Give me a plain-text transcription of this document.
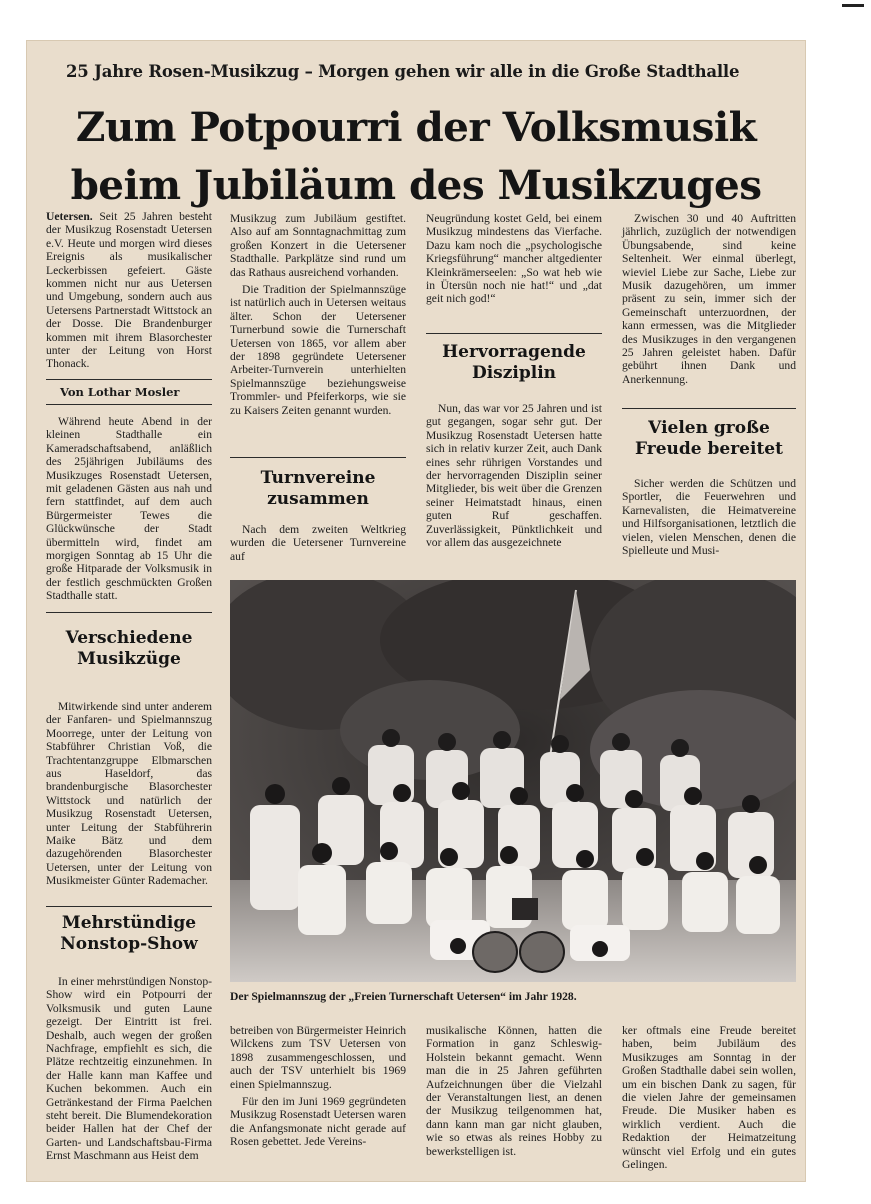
25 Jahre Rosen-Musikzug – Morgen gehen wir alle in die Große Stadthalle
Zum Potpourri der Volksmusik
beim Jubiläum des Musikzuges

Uetersen. Seit 25 Jahren besteht der Musikzug Rosenstadt Uetersen e.V. Heute und morgen wird dieses Ereignis als musikalischer Leckerbissen gefeiert. Gäste kommen nicht nur aus Uetersen und Umgebung, sondern auch aus Uetersens Partnerstadt Wittstock an der Dosse. Die Brandenburger kommen mit ihrem Blasorchester unter der Leitung von Horst Thonack.

Von Lothar Mosler

Während heute Abend in der kleinen Stadthalle ein Kameradschaftsabend, anläßlich des 25jährigen Jubiläums des Musikzuges Rosenstadt Uetersen, mit geladenen Gästen aus nah und fern stattfindet, auf dem auch Bürgermeister Tewes die Glückwünsche der Stadt übermitteln wird, findet am morgigen Sonntag ab 15 Uhr die große Hitparade der Volksmusik in der festlich geschmückten Großen Stadthalle statt.

Verschiedene Musikzüge

Mitwirkende sind unter anderem der Fanfaren- und Spielmannszug Moorrege, unter der Leitung von Stabführer Christian Voß, die Trachtentanzgruppe Elbmarschen aus Haseldorf, das brandenburgische Blasorchester Wittstock und natürlich der Musikzug Rosenstadt Uetersen, unter Leitung der Stabführerin Maike Bätz und dem dazugehörenden Blasorchester Uetersen, unter der Leitung von Musikmeister Günter Rademacher.

Mehrstündige Nonstop-Show

In einer mehrstündigen Nonstop-Show wird ein Potpourri der Volksmusik und guten Laune gezeigt. Der Eintritt ist frei. Deshalb, auch wegen der großen Nachfrage, empfiehlt es sich, die Plätze rechtzeitig einzunehmen. In der Halle kann man Kaffee und Kuchen bekommen. Auch ein Getränkestand der Firma Paelchen steht bereit. Die Blumendekoration beider Hallen hat der Chef der Garten- und Landschaftsbau-Firma Ernst Maschmann aus Heist dem

Musikzug zum Jubiläum gestiftet. Also auf am Sonntagnachmittag zum großen Konzert in die Uetersener Stadthalle. Parkplätze sind rund um das Rathaus ausreichend vorhanden.

Die Tradition der Spielmannszüge ist natürlich auch in Uetersen weitaus älter. Schon der Uetersener Turnerbund sowie die Turnerschaft Uetersen von 1865, vor allem aber der 1898 gegründete Uetersener Arbeiter-Turnverein unterhielten Spielmannszüge beziehungsweise Trommler- und Pfeiferkorps, wie sie zu Kaisers Zeiten genannt wurden.

Turnvereine zusammen

Nach dem zweiten Weltkrieg wurden die Uetersener Turnvereine auf

betreiben von Bürgermeister Heinrich Wilckens zum TSV Uetersen von 1898 zusammengeschlossen, und auch der TSV unterhielt bis 1969 einen Spielmannszug.

Für den im Juni 1969 gegründeten Musikzug Rosenstadt Uetersen waren die Anfangsmonate nicht gerade auf Rosen gebettet. Jede Vereins-

Neugründung kostet Geld, bei einem Musikzug mindestens das Vierfache. Dazu kam noch die „psychologische Kriegsführung“ mancher altgedienter Kleinkrämerseelen: „So wat heb wie in Ütersün noch nie hat!“ und „dat geit nich god!“

Hervorragende Disziplin

Nun, das war vor 25 Jahren und ist gut gegangen, sogar sehr gut. Der Musikzug Rosenstadt Uetersen hatte sich in relativ kurzer Zeit, auch Dank eines sehr rührigen Vorstandes und der hervorragenden Disziplin seiner Mitglieder, bis weit über die Grenzen seiner Heimatstadt hinaus, einen guten Ruf geschaffen. Zuverlässigkeit, Pünktlichkeit und vor allem das ausgezeichnete

musikalische Können, hatten die Formation in ganz Schleswig-Holstein bekannt gemacht. Wenn man die in 25 Jahren geführten Aufzeichnungen über die Vielzahl der Veranstaltungen liest, an denen der Musikzug teilgenommen hat, dann kann man gar nicht glauben, wie so etwas als reines Hobby zu bewerkstelligen ist.

Zwischen 30 und 40 Auftritten jährlich, zuzüglich der notwendigen Übungsabende, sind keine Seltenheit. Wer einmal überlegt, wieviel Liebe zur Sache, Liebe zur Musik dazugehören, um immer präsent zu sein, immer sich der Gemeinschaft unterzuordnen, der kann ermessen, was die Mitglieder des Musikzuges in den vergangenen 25 Jahren geleistet haben. Dafür gebührt ihnen Dank und Anerkennung.

Vielen große Freude bereitet

Sicher werden die Schützen und Sportler, die Feuerwehren und Karnevalisten, die Heimatvereine und Hilfsorganisationen, letztlich die vielen, vielen Menschen, denen die Spielleute und Musi-

ker oftmals eine Freude bereitet haben, beim Jubiläum des Musikzuges am Sonntag in der Großen Stadthalle dabei sein wollen, um ein bischen Dank zu sagen, für die vielen Jahre der gemeinsamen Freude. Die Musiker haben es wirklich verdient. Auch die Redaktion der Heimatzeitung wünscht viel Erfolg und ein gutes Gelingen.

Der Spielmannszug der „Freien Turnerschaft Uetersen“ im Jahr 1928.
